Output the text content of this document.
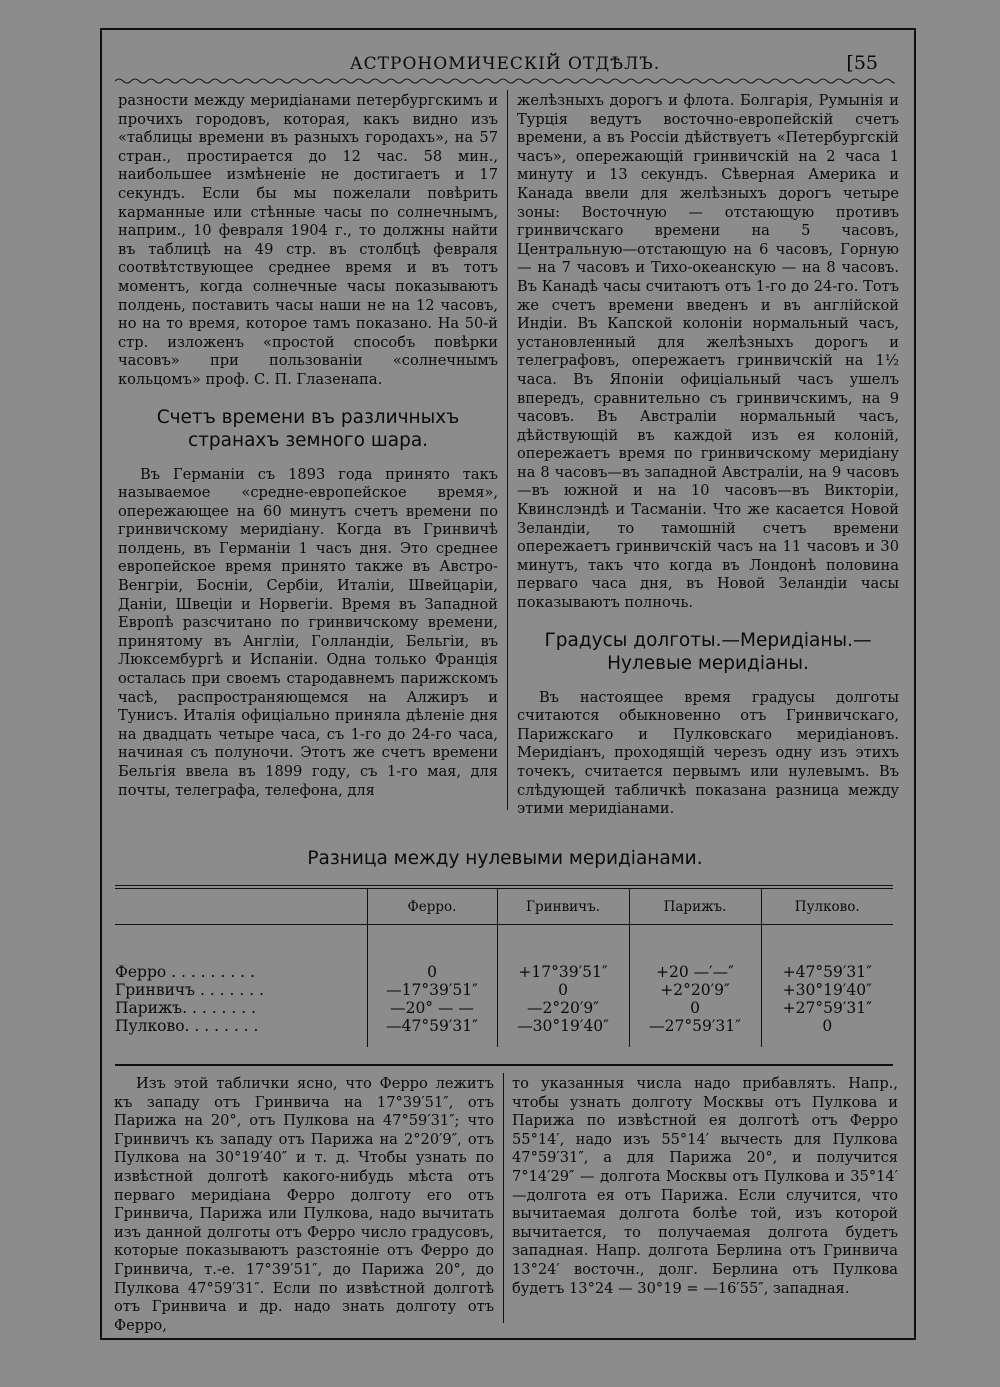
АСТРОНОМИЧЕСКІЙ ОТДѢЛЪ.	[ 55

разности между меридіанами петербургскимъ и прочихъ городовъ, которая, какъ видно изъ «таблицы времени въ разныхъ городахъ», на 57 стран., простирается до 12 час. 58 мин., наибольшее измѣненіе не достигаетъ и 17 секундъ. Если бы мы пожелали повѣрить карманные или стѣнные часы по солнечнымъ, наприм., 10 февраля 1904 г., то должны найти въ таблицѣ на 49 стр. въ столбцѣ февраля соотвѣтствующее среднее время и въ тотъ моментъ, когда солнечные часы показываютъ полдень, поставить часы наши не на 12 часовъ, но на то время, которое тамъ показано. На 50-й стр. изложенъ «простой способъ повѣрки часовъ» при пользованіи «солнечнымъ кольцомъ» проф. С. П. Глазенапа.

Счетъ времени въ различныхъ странахъ земного шара.

Въ Германіи съ 1893 года принято такъ называемое «средне-европейское время», опережающее на 60 минутъ счетъ времени по гринвичскому меридіану. Когда въ Гринвичѣ полдень, въ Германіи 1 часъ дня. Это среднее европейское время принято также въ Австро-Венгріи, Босніи, Сербіи, Италіи, Швейцаріи, Даніи, Швеціи и Норвегіи. Время въ Западной Европѣ разсчитано по гринвичскому времени, принятому въ Англіи, Голландіи, Бельгіи, въ Люксембургѣ и Испаніи. Одна только Франція осталась при своемъ стародавнемъ парижскомъ часѣ, распространяющемся на Алжиръ и Тунисъ. Италія офиціально приняла дѣленіе дня на двадцать четыре часа, съ 1-го до 24-го часа, начиная съ полуночи. Этотъ же счетъ времени Бельгія ввела въ 1899 году, съ 1-го мая, для почты, телеграфа, телефона, для

желѣзныхъ дорогъ и флота. Болгарія, Румынія и Турція ведутъ восточно-европейскій счетъ времени, а въ Россіи дѣйствуетъ «Петербургскій часъ», опережающій гринвичскій на 2 часа 1 минуту и 13 секундъ. Сѣверная Америка и Канада ввели для желѣзныхъ дорогъ четыре зоны: Восточную — отстающую противъ гринвичскаго времени на 5 часовъ, Центральную—отстающую на 6 часовъ, Горную — на 7 часовъ и Тихо-океанскую — на 8 часовъ. Въ Канадѣ часы считаютъ отъ 1-го до 24-го. Тотъ же счетъ времени введенъ и въ англійской Индіи. Въ Капской колоніи нормальный часъ, установленный для желѣзныхъ дорогъ и телеграфовъ, опережаетъ гринвичскій на 1½ часа. Въ Японіи офиціальный часъ ушелъ впередъ, сравнительно съ гринвичскимъ, на 9 часовъ. Въ Австраліи нормальный часъ, дѣйствующій въ каждой изъ ея колоній, опережаетъ время по гринвичскому меридіану на 8 часовъ—въ западной Австраліи, на 9 часовъ—въ южной и на 10 часовъ—въ Викторіи, Квинслэндѣ и Тасманіи. Что же касается Новой Зеландіи, то тамошній счетъ времени опережаетъ гринвичскій часъ на 11 часовъ и 30 минутъ, такъ что когда въ Лондонѣ половина перваго часа дня, въ Новой Зеландіи часы показываютъ полночь.

Градусы долготы.—Меридіаны.— Нулевые меридіаны.

Въ настоящее время градусы долготы считаются обыкновенно отъ Гринвичскаго, Парижскаго и Пулковскаго меридіановъ. Меридіанъ, проходящій черезъ одну изъ этихъ точекъ, считается первымъ или нулевымъ. Въ слѣдующей табличкѣ показана разница между этими меридіанами.

Разница между нулевыми меридіанами.
	Ферро.	Гринвичъ.	Парижъ.	Пулково.

Ферро . . . . . . . . .	0	+17°39′51″	+20 —′—″	+47°59′31″
Гринвичъ . . . . . . .	—17°39′51″	0	+2°20′9″	+30°19′40″
Парижъ. . . . . . . .	—20° — —	—2°20′9″	0	+27°59′31″
Пулково. . . . . . . .	—47°59′31″	—30°19′40″	—27°59′31″	0

Изъ этой таблички ясно, что Ферро лежитъ къ западу отъ Гринвича на 17°39′51″, отъ Парижа на 20°, отъ Пулкова на 47°59′31″; что Гринвичъ къ западу отъ Парижа на 2°20′9″, отъ Пулкова на 30°19′40″ и т. д. Чтобы узнать по извѣстной долготѣ какого-нибудь мѣста отъ перваго меридіана Ферро долготу его отъ Гринвича, Парижа или Пулкова, надо вычитать изъ данной долготы отъ Ферро число градусовъ, которые показываютъ разстояніе отъ Ферро до Гринвича, т.-е. 17°39′51″, до Парижа 20°, до Пулкова 47°59′31″. Если по извѣстной долготѣ отъ Гринвича и др. надо знать долготу отъ Ферро,

то указанныя числа надо прибавлять. Напр., чтобы узнать долготу Москвы отъ Пулкова и Парижа по извѣстной ея долготѣ отъ Ферро 55°14′, надо изъ 55°14′ вычесть для Пулкова 47°59′31″, а для Парижа 20°, и получится 7°14′29″ — долгота Москвы отъ Пулкова и 35°14′—долгота ея отъ Парижа. Если случится, что вычитаемая долгота болѣе той, изъ которой вычитается, то получаемая долгота будетъ западная. Напр. долгота Берлина отъ Гринвича 13°24′ восточн., долг. Берлина отъ Пулкова будетъ 13°24 — 30°19 = —16′55″, западная.
